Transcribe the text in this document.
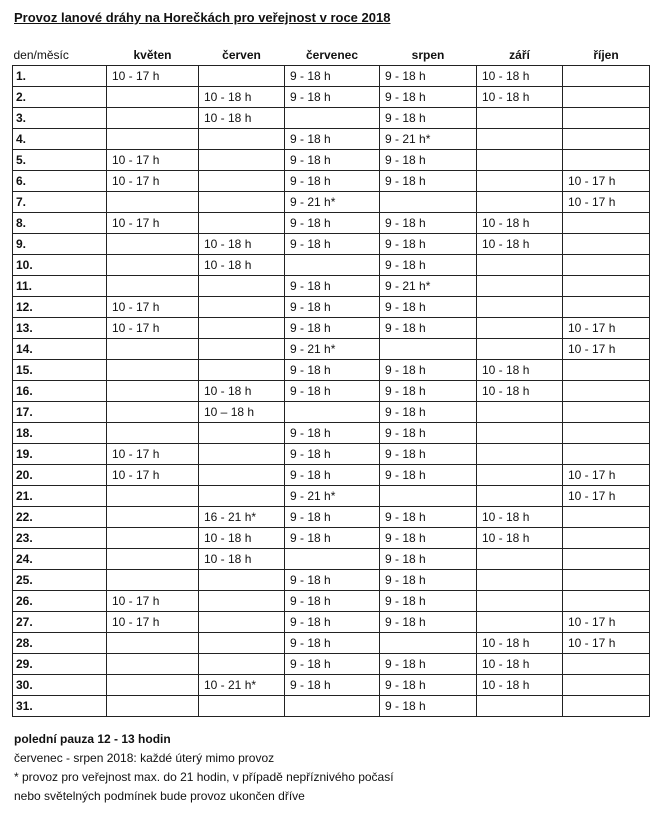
Provoz lanové dráhy na Horečkách pro veřejnost v roce 2018
den/měsíc	květen	červen	červenec	srpen	září	říjen
1.	10 - 17 h		9 - 18 h	9 - 18 h	10 - 18 h	
2.		10 - 18 h	9 - 18 h	9 - 18 h	10 - 18 h	
3.		10 - 18 h		9 - 18 h		
4.			9 - 18 h	9 - 21 h*		
5.	10 - 17 h		9 - 18 h	9 - 18 h		
6.	10 - 17 h		9 - 18 h	9 - 18 h		10 - 17 h
7.			9 - 21 h*			10 - 17 h
8.	10 - 17 h		9 - 18 h	9 - 18 h	10 - 18 h	
9.		10 - 18 h	9 - 18 h	9 - 18 h	10 - 18 h	
10.		10 - 18 h		9 - 18 h		
11.			9 - 18 h	9 - 21 h*		
12.	10 - 17 h		9 - 18 h	9 - 18 h		
13.	10 - 17 h		9 - 18 h	9 - 18 h		10 - 17 h
14.			9 - 21 h*			10 - 17 h
15.			9 - 18 h	9 - 18 h	10 - 18 h	
16.		10 - 18 h	9 - 18 h	9 - 18 h	10 - 18 h	
17.		10 – 18 h		9 - 18 h		
18.			9 - 18 h	9 - 18 h		
19.	10 - 17 h		9 - 18 h	9 - 18 h		
20.	10 - 17 h		9 - 18 h	9 - 18 h		10 - 17 h
21.			9 - 21 h*			10 - 17 h
22.		16 - 21 h*	9 - 18 h	9 - 18 h	10 - 18 h	
23.		10 - 18 h	9 - 18 h	9 - 18 h	10 - 18 h	
24.		10 - 18 h		9 - 18 h		
25.			9 - 18 h	9 - 18 h		
26.	10 - 17 h		9 - 18 h	9 - 18 h		
27.	10 - 17 h		9 - 18 h	9 - 18 h		10 - 17 h
28.			9 - 18 h		10 - 18 h	10 - 17 h
29.			9 - 18 h	9 - 18 h	10 - 18 h	
30.		10 - 21 h*	9 - 18 h	9 - 18 h	10 - 18 h	
31.				9 - 18 h		
polední pauza 12 - 13 hodin
červenec - srpen 2018: každé úterý mimo provoz
* provoz pro veřejnost max. do 21 hodin, v případě nepříznivého počasí
nebo světelných podmínek bude provoz ukončen dříve
